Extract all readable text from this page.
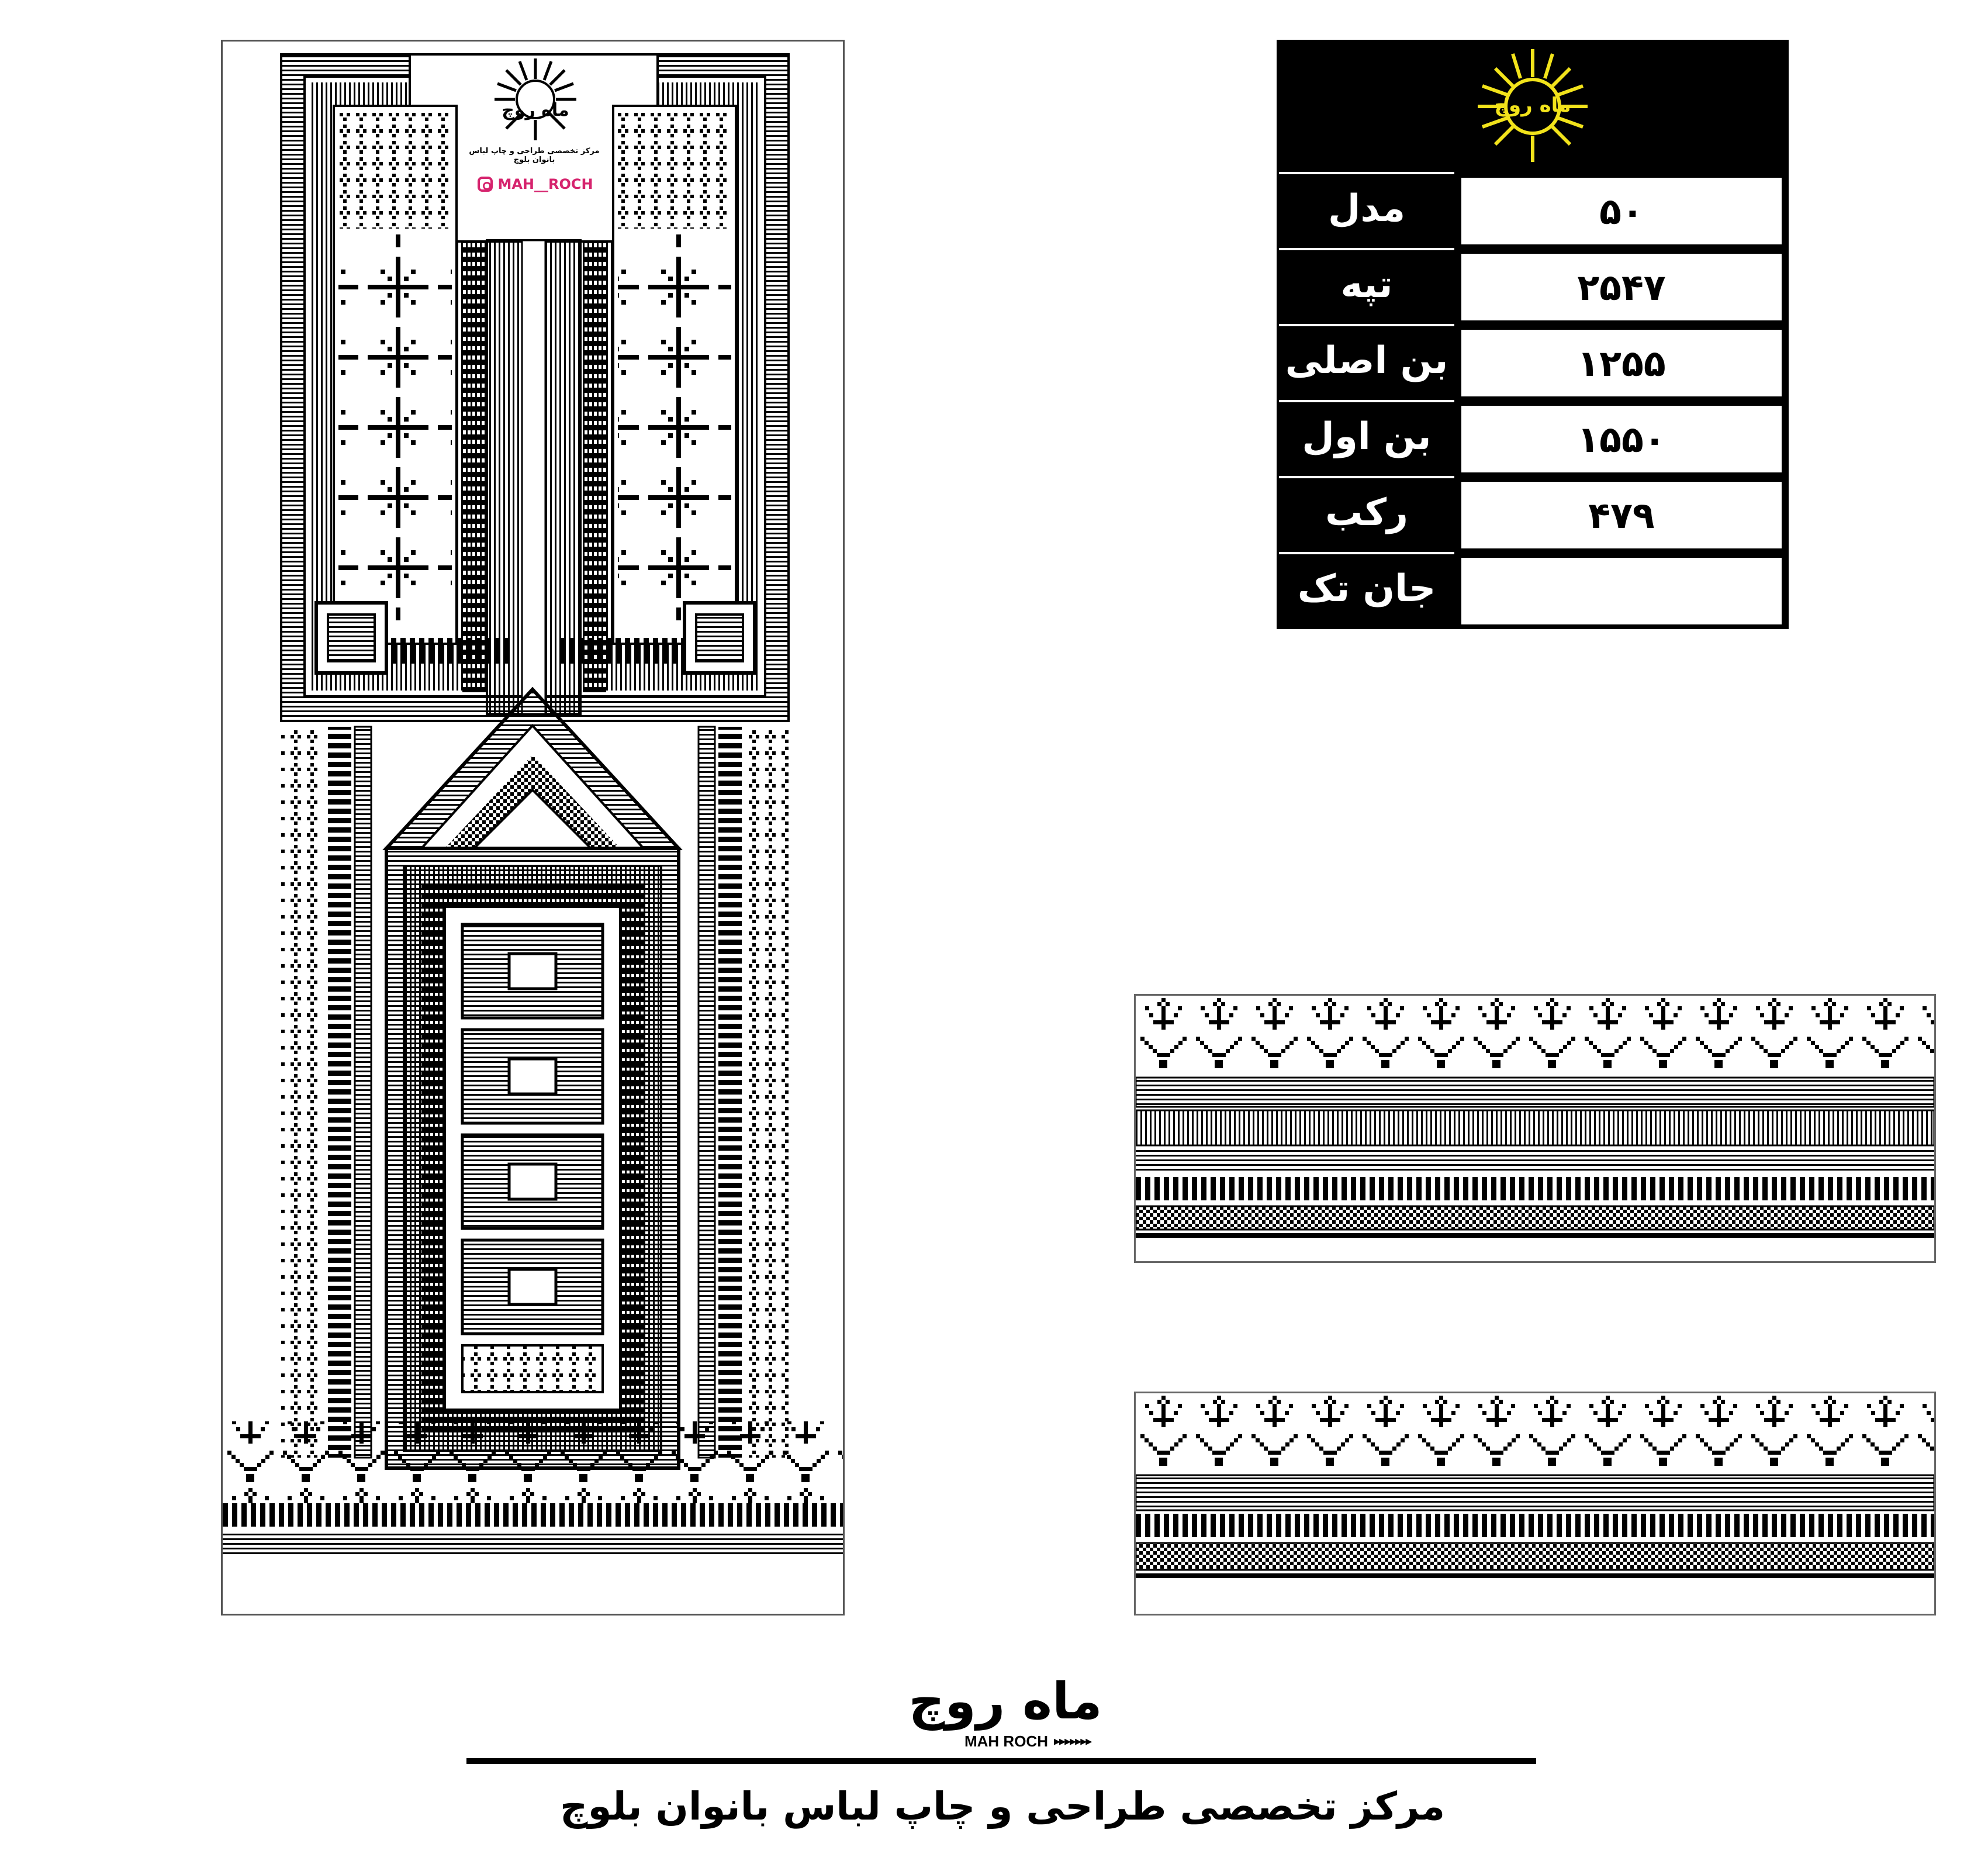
ماه روچ
مرکز تخصصی طراحی و چاپ لباس بانوان بلوچ
MAH__ROCH
ماه روچ
مدل	۵۰
تپه	۲۵۴۷
بن اصلی	۱۲۵۵
بن اول	۱۵۵۰
رکب	۴۷۹
جان تک
ماه روچ
MAH ROCH ▸▸▸▸▸▸▸
مرکز تخصصی طراحی و چاپ لباس بانوان بلوچ
